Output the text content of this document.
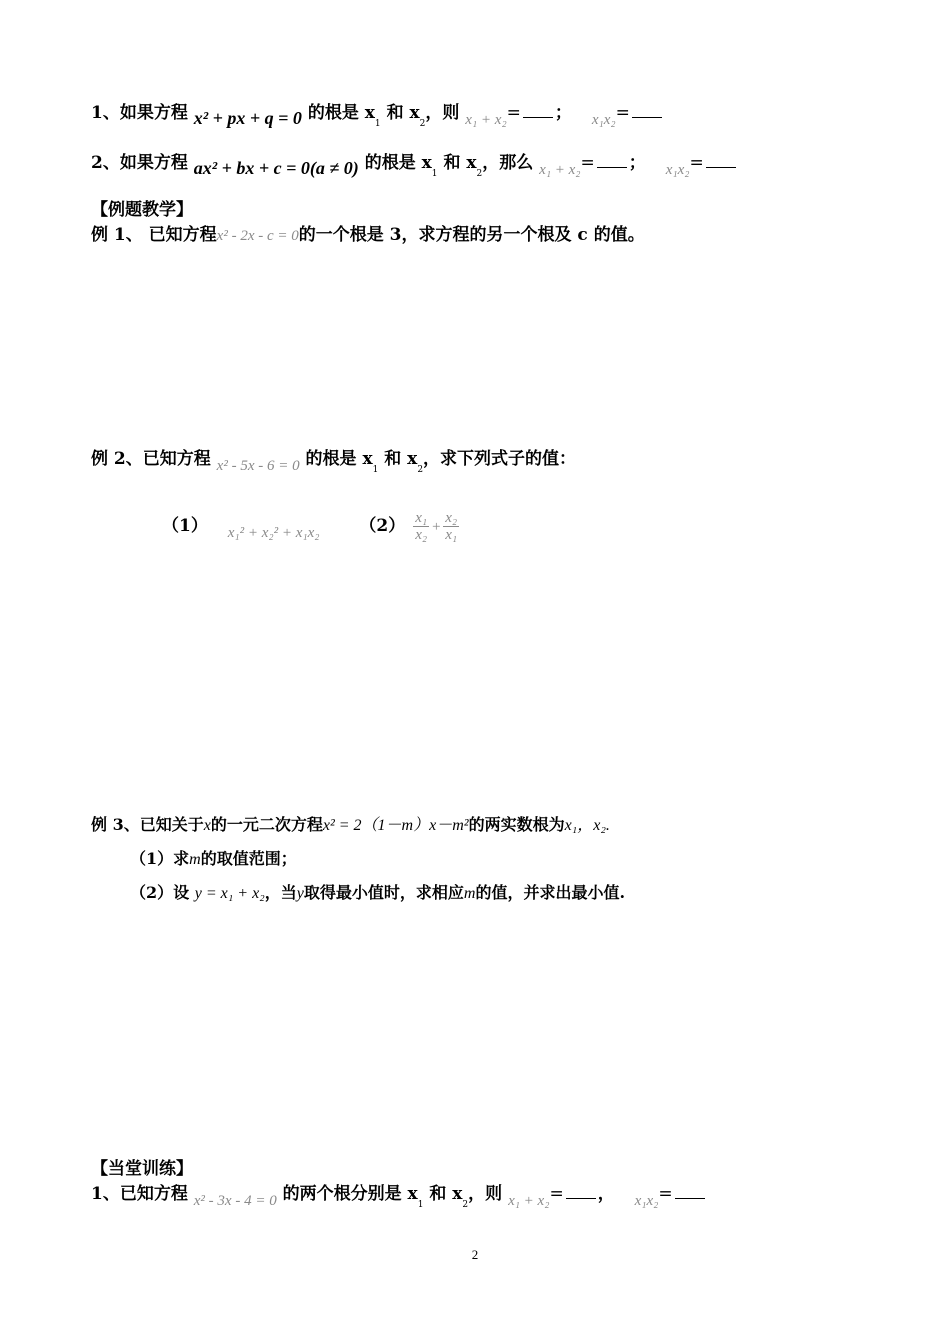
1、如果方程 x² + px + q = 0 的根是 $x_1$ 和 $x_2$，则 x₁ + x₂= ； x₁x₂=
2、如果方程 ax² + bx + c = 0(a ≠ 0) 的根是 $x_1$ 和 $x_2$，那么 x₁ + x₂= ； x₁x₂=
【例题教学】
例 1、 已知方程x² - 2x - c = 0的一个根是 3，求方程的另一个根及 c 的值。
例 2、已知方程 x² - 5x - 6 = 0 的根是 $x_1$ 和 $x_2$，求下列式子的值：
（1） x₁² + x₂² + x₁x₂ $(2) \frac{\text{x₁}}{\text{x₂}} + \frac{\text{x₂}}{\text{x₁}}$
例 3、已知关于x的一元二次方程x² = 2（1－m）x－m²的两实数根为x₁，x₂.
（1）求m的取值范围；
（2）设 y = x₁ + x₂，当y取得最小值时，求相应m的值，并求出最小值.
【当堂训练】
1、已知方程 x² - 3x - 4 = 0 的两个根分别是 $x_1$ 和 $x_2$，则 x₁ + x₂= ， x₁x₂=
2
